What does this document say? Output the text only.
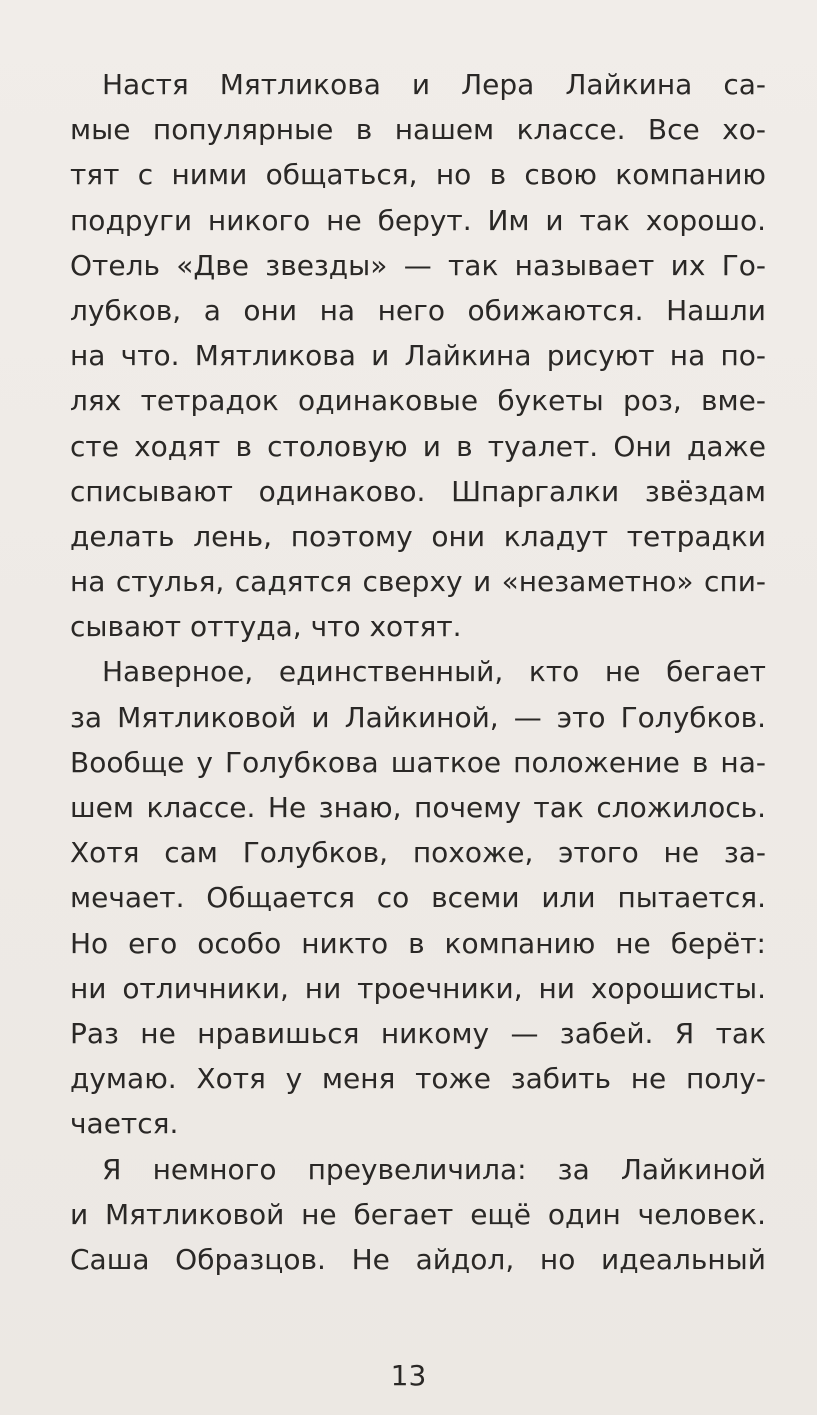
Настя Мятликова и Лера Лайкина са-
мые популярные в нашем классе. Все хо-
тят с ними общаться, но в свою компанию
подруги никого не берут. Им и так хорошо.
Отель «Две звезды» — так называет их Го-
лубков, а они на него обижаются. Нашли
на что. Мятликова и Лайкина рисуют на по-
лях тетрадок одинаковые букеты роз, вме-
сте ходят в столовую и в туалет. Они даже
списывают одинаково. Шпаргалки звёздам
делать лень, поэтому они кладут тетрадки
на стулья, садятся сверху и «незаметно» спи-
сывают оттуда, что хотят.
Наверное, единственный, кто не бегает
за Мятликовой и Лайкиной, — это Голубков.
Вообще у Голубкова шаткое положение в на-
шем классе. Не знаю, почему так сложилось.
Хотя сам Голубков, похоже, этого не за-
мечает. Общается со всеми или пытается.
Но его особо никто в компанию не берёт:
ни отличники, ни троечники, ни хорошисты.
Раз не нравишься никому — забей. Я так
думаю. Хотя у меня тоже забить не полу-
чается.
Я немного преувеличила: за Лайкиной
и Мятликовой не бегает ещё один человек.
Саша Образцов. Не айдол, но идеальный
13
